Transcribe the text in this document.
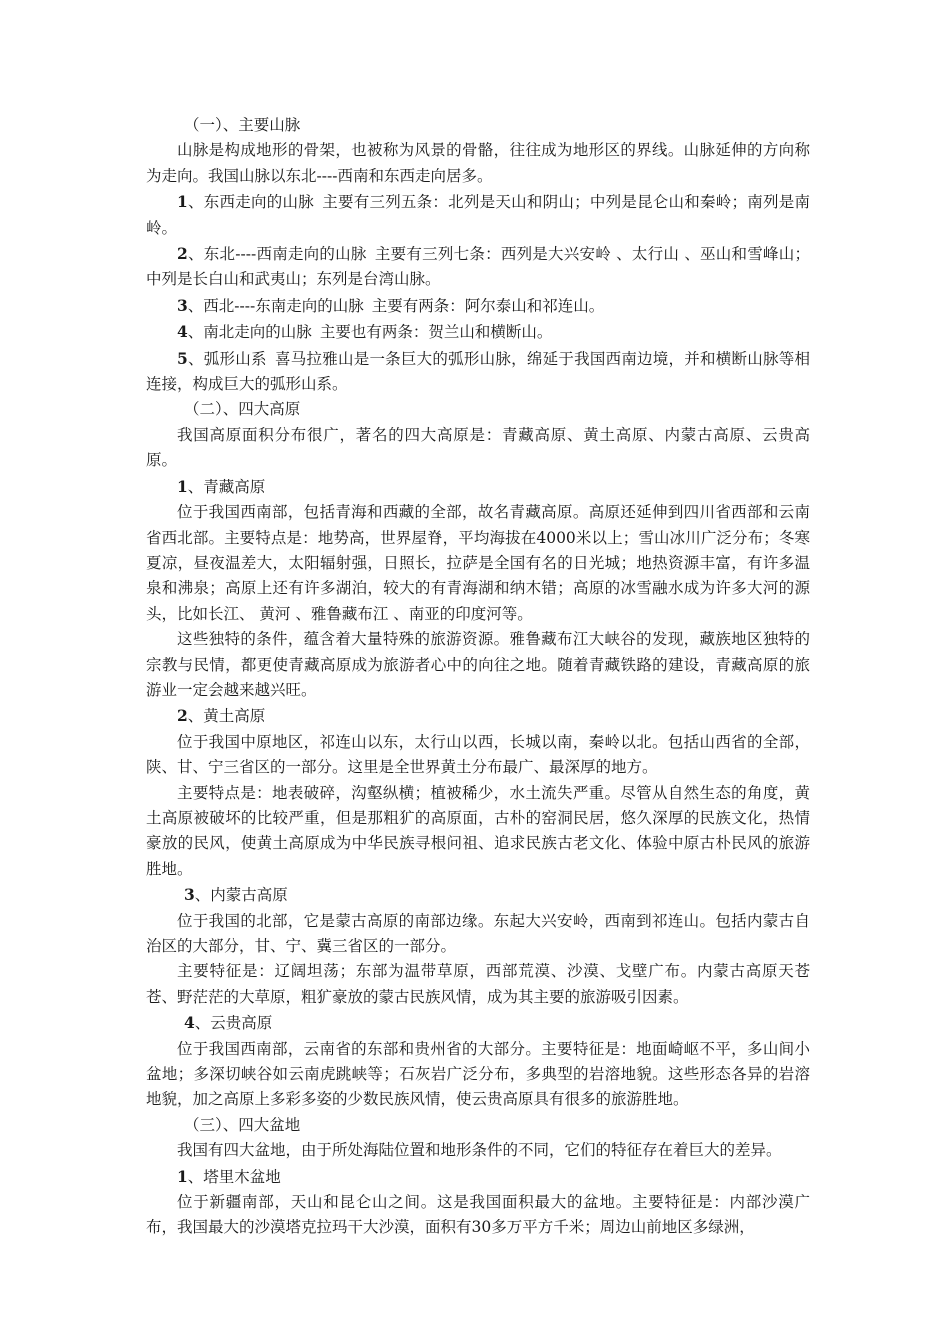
（一）、主要山脉

山脉是构成地形的骨架，也被称为风景的骨骼，往往成为地形区的界线。山脉延伸的方向称为走向。我国山脉以东北----西南和东西走向居多。

1、东西走向的山脉 主要有三列五条：北列是天山和阴山；中列是昆仑山和秦岭；南列是南岭。

2、东北----西南走向的山脉 主要有三列七条：西列是大兴安岭 、太行山 、巫山和雪峰山；中列是长白山和武夷山；东列是台湾山脉。

3、西北----东南走向的山脉 主要有两条：阿尔泰山和祁连山。

4、南北走向的山脉 主要也有两条：贺兰山和横断山。

5、弧形山系 喜马拉雅山是一条巨大的弧形山脉，绵延于我国西南边境，并和横断山脉等相连接，构成巨大的弧形山系。

（二）、四大高原

我国高原面积分布很广，著名的四大高原是：青藏高原、黄土高原、内蒙古高原、云贵高原。

1、青藏高原

位于我国西南部，包括青海和西藏的全部，故名青藏高原。高原还延伸到四川省西部和云南省西北部。主要特点是：地势高，世界屋脊，平均海拔在4000米以上；雪山冰川广泛分布；冬寒夏凉，昼夜温差大，太阳辐射强，日照长，拉萨是全国有名的日光城；地热资源丰富，有许多温泉和沸泉；高原上还有许多湖泊，较大的有青海湖和纳木错；高原的冰雪融水成为许多大河的源头，比如长江、 黄河 、雅鲁藏布江 、南亚的印度河等。

这些独特的条件，蕴含着大量特殊的旅游资源。雅鲁藏布江大峡谷的发现，藏族地区独特的宗教与民情，都更使青藏高原成为旅游者心中的向往之地。随着青藏铁路的建设，青藏高原的旅游业一定会越来越兴旺。

2、黄土高原

位于我国中原地区，祁连山以东，太行山以西，长城以南，秦岭以北。包括山西省的全部，陕、甘、宁三省区的一部分。这里是全世界黄土分布最广、最深厚的地方。

主要特点是：地表破碎，沟壑纵横；植被稀少，水土流失严重。尽管从自然生态的角度，黄土高原被破坏的比较严重，但是那粗犷的高原面，古朴的窑洞民居，悠久深厚的民族文化，热情豪放的民风，使黄土高原成为中华民族寻根问祖、追求民族古老文化、体验中原古朴民风的旅游胜地。

3、内蒙古高原

位于我国的北部，它是蒙古高原的南部边缘。东起大兴安岭，西南到祁连山。包括内蒙古自治区的大部分，甘、宁、冀三省区的一部分。

主要特征是：辽阔坦荡；东部为温带草原，西部荒漠、沙漠、戈壁广布。内蒙古高原天苍苍、野茫茫的大草原，粗犷豪放的蒙古民族风情，成为其主要的旅游吸引因素。

4、云贵高原

位于我国西南部，云南省的东部和贵州省的大部分。主要特征是：地面崎岖不平，多山间小盆地；多深切峡谷如云南虎跳峡等；石灰岩广泛分布，多典型的岩溶地貌。这些形态各异的岩溶地貌，加之高原上多彩多姿的少数民族风情，使云贵高原具有很多的旅游胜地。

（三）、四大盆地

我国有四大盆地，由于所处海陆位置和地形条件的不同，它们的特征存在着巨大的差异。

1、塔里木盆地

位于新疆南部，天山和昆仑山之间。这是我国面积最大的盆地。主要特征是：内部沙漠广布，我国最大的沙漠塔克拉玛干大沙漠，面积有30多万平方千米；周边山前地区多绿洲，
